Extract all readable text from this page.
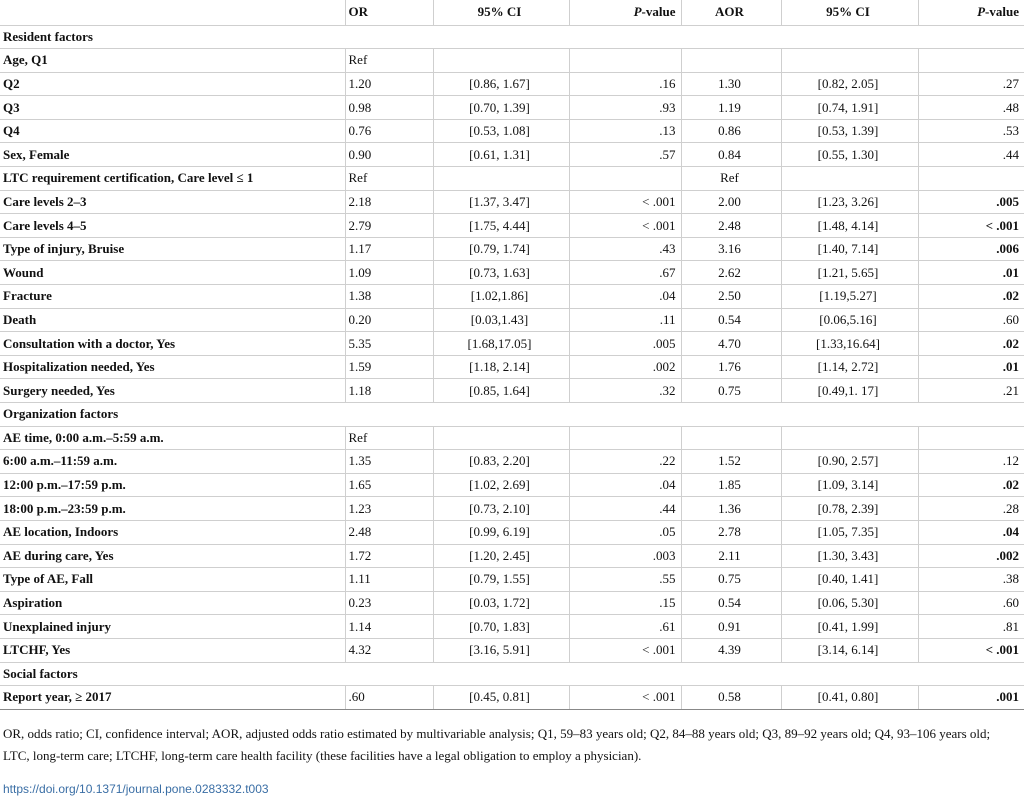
	OR	95% CI	P-value	AOR	95% CI	P-value
Resident factors						
Age, Q1	Ref					
Q2	1.20	[0.86, 1.67]	.16	1.30	[0.82, 2.05]	.27
Q3	0.98	[0.70, 1.39]	.93	1.19	[0.74, 1.91]	.48
Q4	0.76	[0.53, 1.08]	.13	0.86	[0.53, 1.39]	.53
Sex, Female	0.90	[0.61, 1.31]	.57	0.84	[0.55, 1.30]	.44
LTC requirement certification, Care level ≤ 1	Ref			Ref		
Care levels 2–3	2.18	[1.37, 3.47]	< .001	2.00	[1.23, 3.26]	.005
Care levels 4–5	2.79	[1.75, 4.44]	< .001	2.48	[1.48, 4.14]	< .001
Type of injury, Bruise	1.17	[0.79, 1.74]	.43	3.16	[1.40, 7.14]	.006
Wound	1.09	[0.73, 1.63]	.67	2.62	[1.21, 5.65]	.01
Fracture	1.38	[1.02,1.86]	.04	2.50	[1.19,5.27]	.02
Death	0.20	[0.03,1.43]	.11	0.54	[0.06,5.16]	.60
Consultation with a doctor, Yes	5.35	[1.68,17.05]	.005	4.70	[1.33,16.64]	.02
Hospitalization needed, Yes	1.59	[1.18, 2.14]	.002	1.76	[1.14, 2.72]	.01
Surgery needed, Yes	1.18	[0.85, 1.64]	.32	0.75	[0.49,1. 17]	.21
Organization factors						
AE time, 0:00 a.m.–5:59 a.m.	Ref					
6:00 a.m.–11:59 a.m.	1.35	[0.83, 2.20]	.22	1.52	[0.90, 2.57]	.12
12:00 p.m.–17:59 p.m.	1.65	[1.02, 2.69]	.04	1.85	[1.09, 3.14]	.02
18:00 p.m.–23:59 p.m.	1.23	[0.73, 2.10]	.44	1.36	[0.78, 2.39]	.28
AE location, Indoors	2.48	[0.99, 6.19]	.05	2.78	[1.05, 7.35]	.04
AE during care, Yes	1.72	[1.20, 2.45]	.003	2.11	[1.30, 3.43]	.002
Type of AE, Fall	1.11	[0.79, 1.55]	.55	0.75	[0.40, 1.41]	.38
Aspiration	0.23	[0.03, 1.72]	.15	0.54	[0.06, 5.30]	.60
Unexplained injury	1.14	[0.70, 1.83]	.61	0.91	[0.41, 1.99]	.81
LTCHF, Yes	4.32	[3.16, 5.91]	< .001	4.39	[3.14, 6.14]	< .001
Social factors						
Report year, ≥ 2017	.60	[0.45, 0.81]	< .001	0.58	[0.41, 0.80]	.001
OR, odds ratio; CI, confidence interval; AOR, adjusted odds ratio estimated by multivariable analysis; Q1, 59–83 years old; Q2, 84–88 years old; Q3, 89–92 years old; Q4, 93–106 years old; LTC, long-term care; LTCHF, long-term care health facility (these facilities have a legal obligation to employ a physician).
https://doi.org/10.1371/journal.pone.0283332.t003
